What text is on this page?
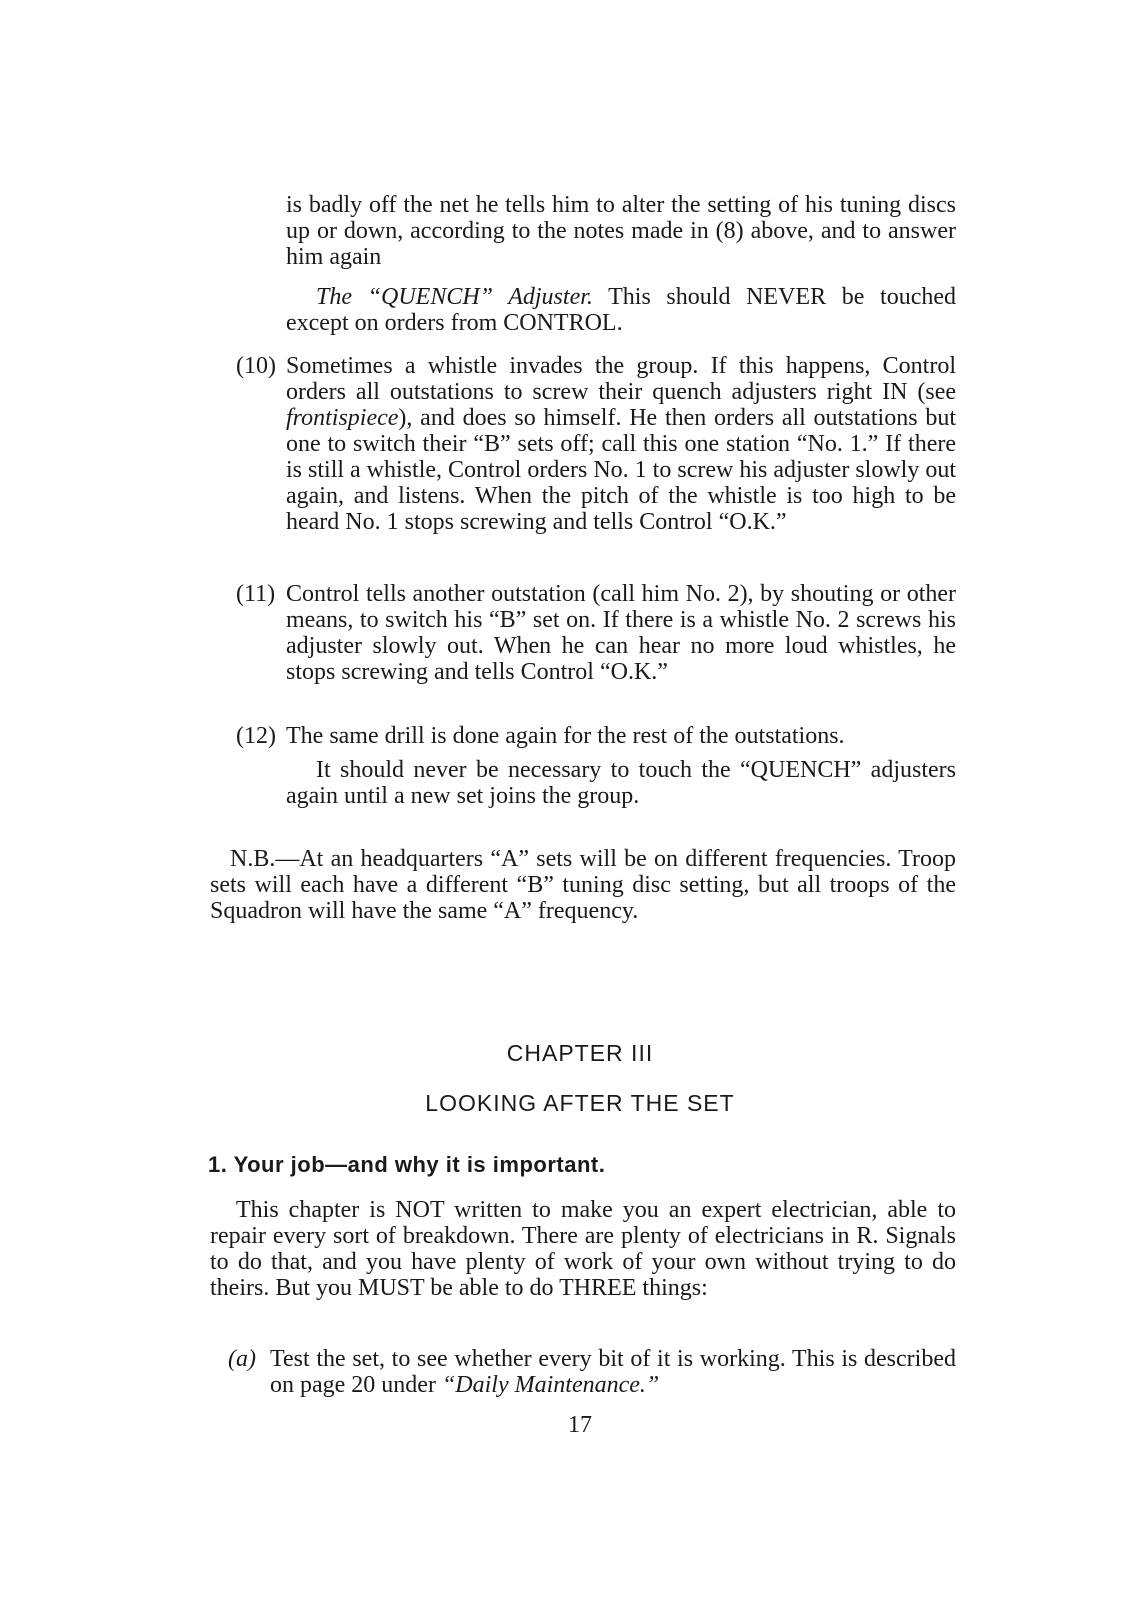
is badly off the net he tells him to alter the setting of his tuning discs up or down, according to the notes made in (8) above, and to answer him again
The “QUENCH” Adjuster. This should NEVER be touched except on orders from CONTROL.
(10) Sometimes a whistle invades the group. If this happens, Control orders all outstations to screw their quench adjusters right IN (see frontispiece), and does so himself. He then orders all outstations but one to switch their “B” sets off; call this one station “No. 1.” If there is still a whistle, Control orders No. 1 to screw his adjuster slowly out again, and listens. When the pitch of the whistle is too high to be heard No. 1 stops screwing and tells Control “O.K.”
(11) Control tells another outstation (call him No. 2), by shouting or other means, to switch his “B” set on. If there is a whistle No. 2 screws his adjuster slowly out. When he can hear no more loud whistles, he stops screwing and tells Control “O.K.”
(12) The same drill is done again for the rest of the outstations.
It should never be necessary to touch the “QUENCH” adjusters again until a new set joins the group.
N.B.—At an headquarters “A” sets will be on different frequencies. Troop sets will each have a different “B” tuning disc setting, but all troops of the Squadron will have the same “A” frequency.
CHAPTER III
LOOKING AFTER THE SET
1. Your job—and why it is important.
This chapter is NOT written to make you an expert electrician, able to repair every sort of breakdown. There are plenty of electricians in R. Signals to do that, and you have plenty of work of your own without trying to do theirs. But you MUST be able to do THREE things:
(a) Test the set, to see whether every bit of it is working. This is described on page 20 under “Daily Maintenance.”
17
